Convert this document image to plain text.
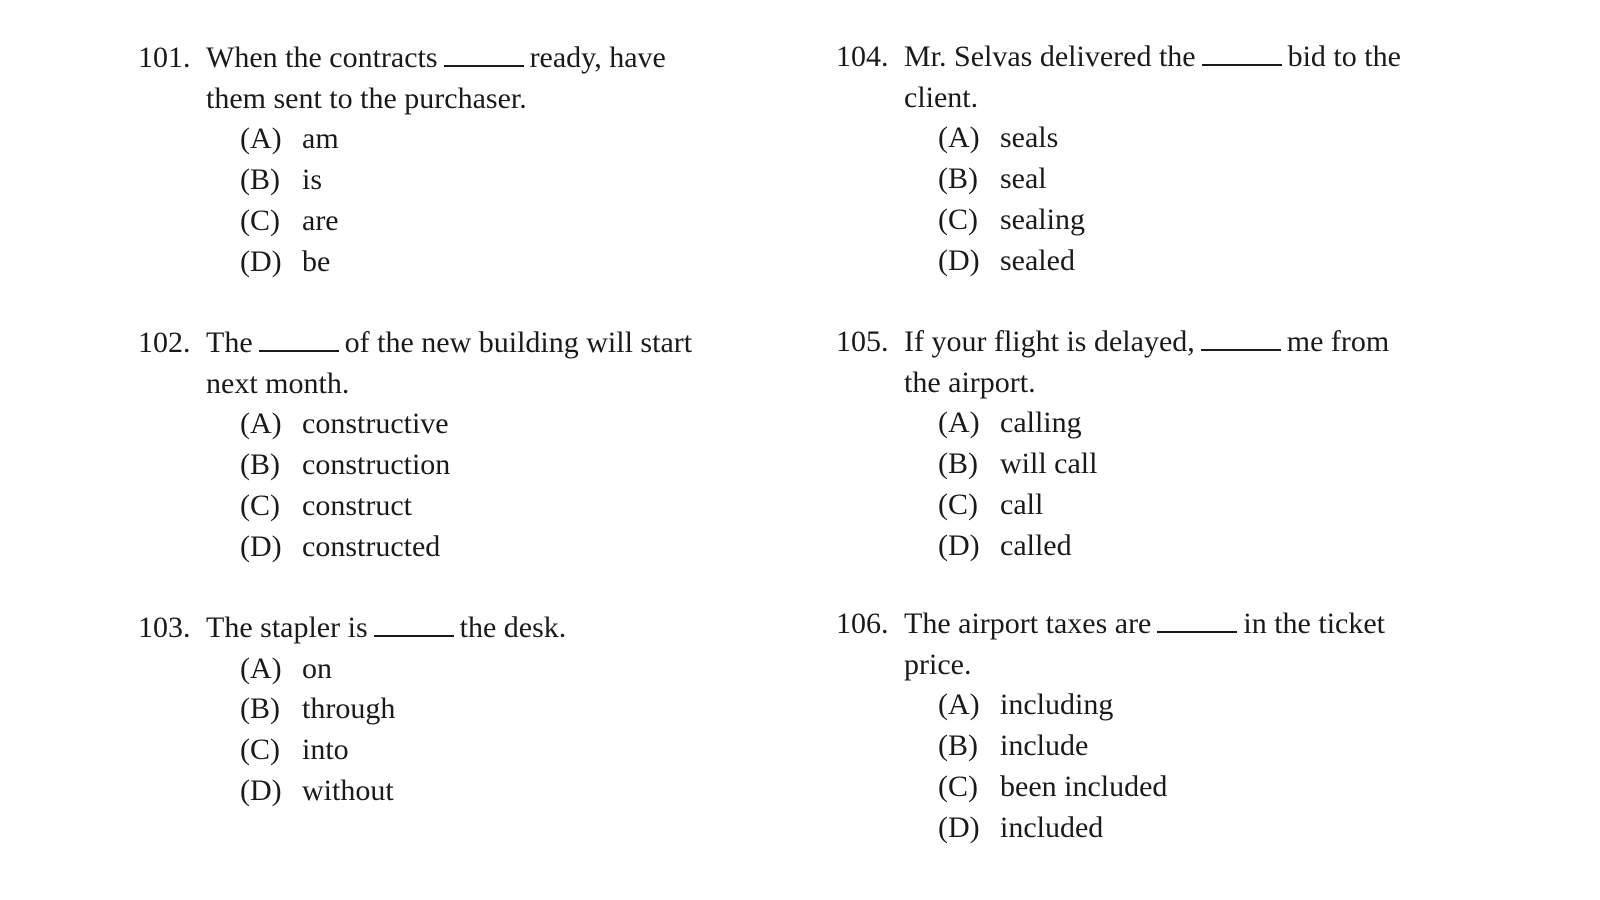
101. When the contracts	ready, have
them sent to the purchaser.
(A) am
(B) is
(C) are
(D) be
102. The	of the new building will start
next month.
(A) constructive
(B) construction
(C) construct
(D) constructed
103. The stapler is	the desk.
(A) on
(B) through
(C) into
(D) without
104. Mr. Selvas delivered the	bid to the
client.
(A) seals
(B) seal
(C) sealing
(D) sealed
105. If your flight is delayed,	me from
the airport.
(A) calling
(B) will call
(C) call
(D) called
106. The airport taxes are	in the ticket
price.
(A) including
(B) include
(C) been included
(D) included
